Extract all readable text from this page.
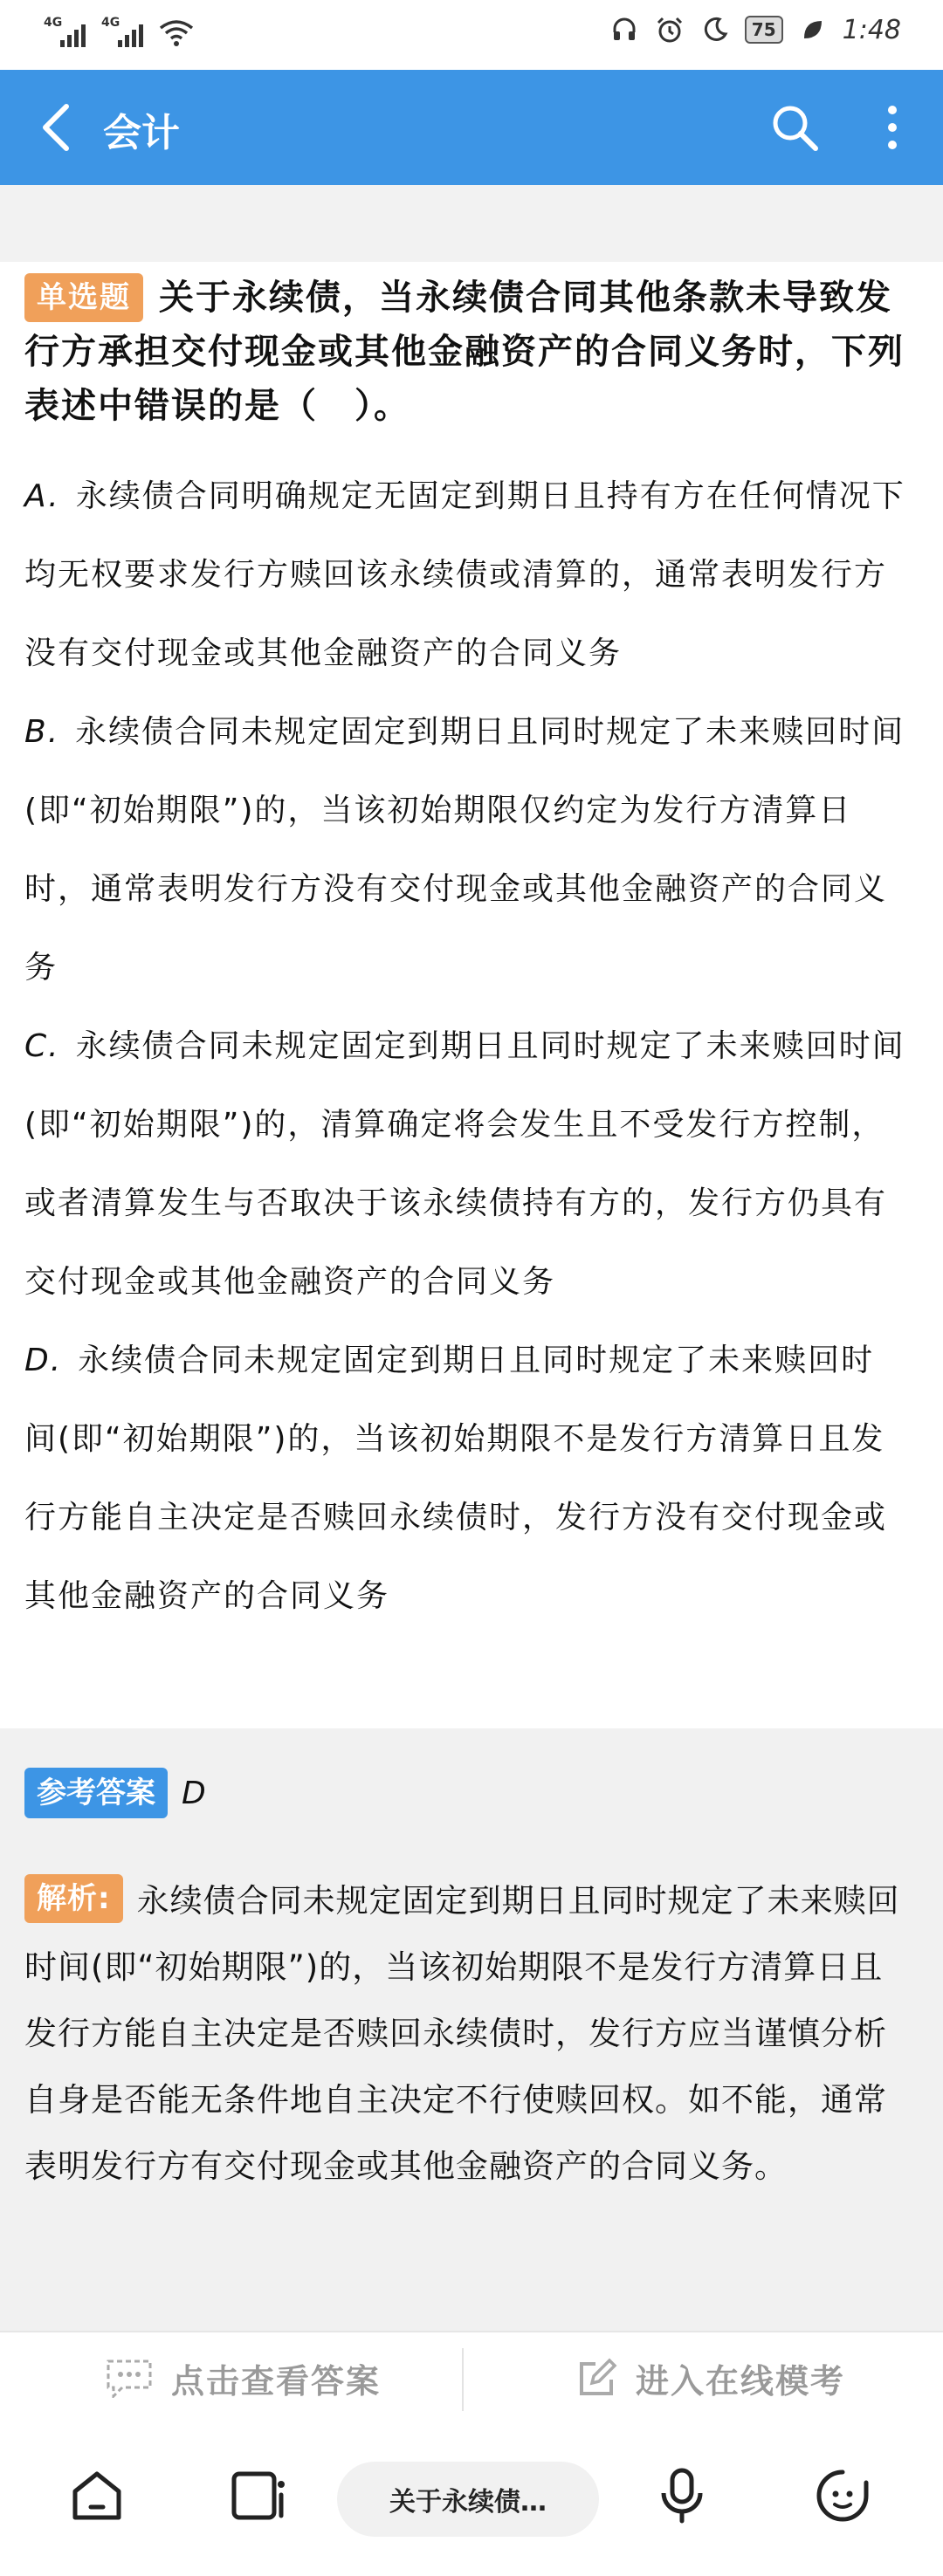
4G	4G	75	1:48
会计
单选题 关于永续债，当永续债合同其他条款未导致发行方承担交付现金或其他金融资产的合同义务时，下列表述中错误的是（　）。
A. 永续债合同明确规定无固定到期日且持有方在任何情况下均无权要求发行方赎回该永续债或清算的，通常表明发行方没有交付现金或其他金融资产的合同义务
B. 永续债合同未规定固定到期日且同时规定了未来赎回时间(即“初始期限”)的，当该初始期限仅约定为发行方清算日时，通常表明发行方没有交付现金或其他金融资产的合同义务
C. 永续债合同未规定固定到期日且同时规定了未来赎回时间(即“初始期限”)的，清算确定将会发生且不受发行方控制，或者清算发生与否取决于该永续债持有方的，发行方仍具有交付现金或其他金融资产的合同义务
D. 永续债合同未规定固定到期日且同时规定了未来赎回时间(即“初始期限”)的，当该初始期限不是发行方清算日且发行方能自主决定是否赎回永续债时，发行方没有交付现金或其他金融资产的合同义务
参考答案 D
解析: 永续债合同未规定固定到期日且同时规定了未来赎回时间(即“初始期限”)的，当该初始期限不是发行方清算日且发行方能自主决定是否赎回永续债时，发行方应当谨慎分析自身是否能无条件地自主决定不行使赎回权。如不能，通常表明发行方有交付现金或其他金融资产的合同义务。
点击查看答案	进入在线模考
关于永续债…
